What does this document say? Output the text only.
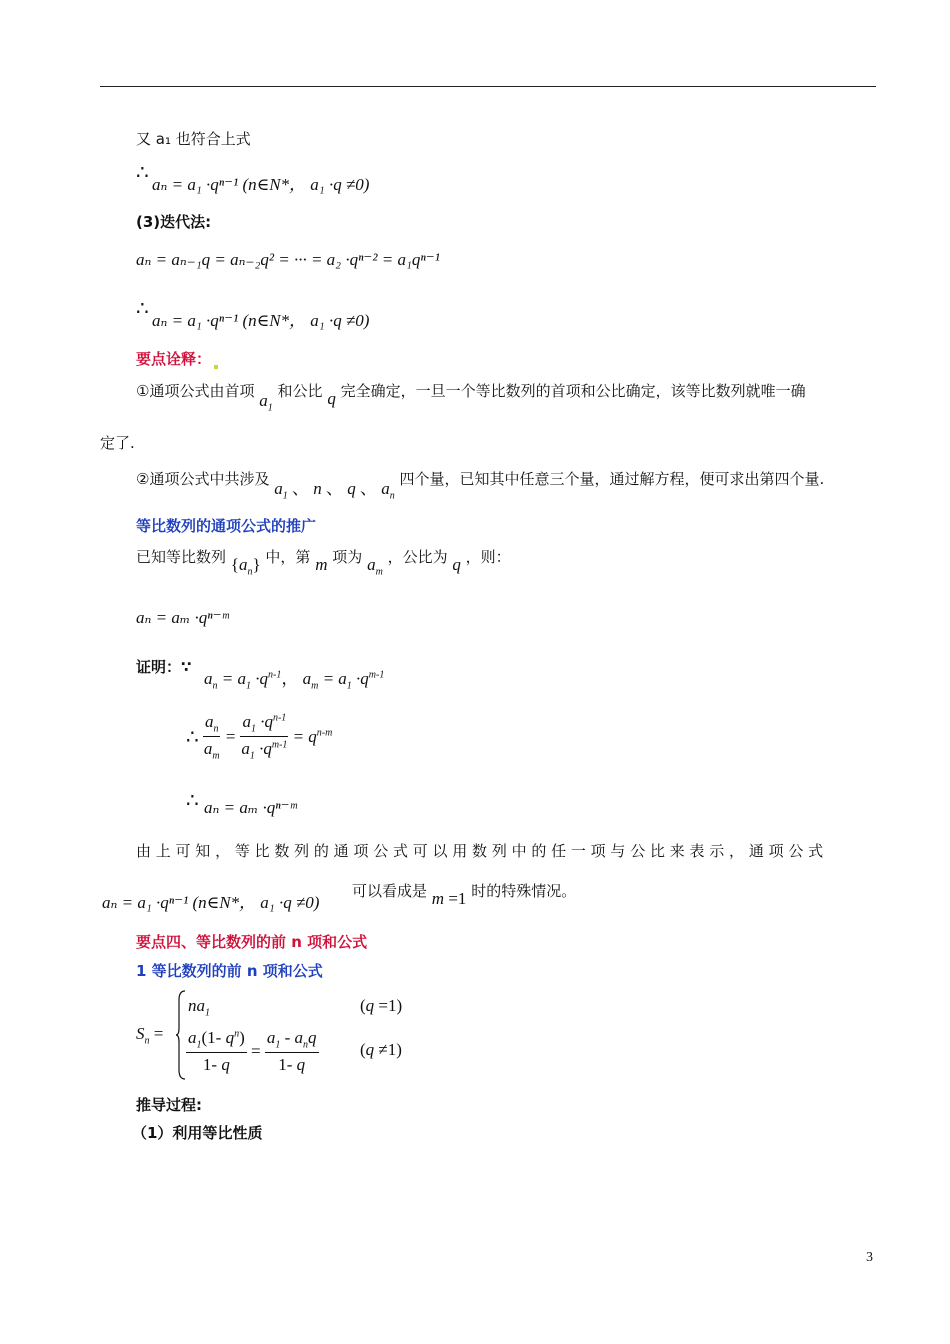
又 a₁ 也符合上式
∴
aₙ = a₁ ·qⁿ⁻¹ (n∈N*， a₁ ·q ≠0)
(3)迭代法:
aₙ = aₙ₋₁q = aₙ₋₂q² = ··· = a₂ ·qⁿ⁻² = a₁qⁿ⁻¹
∴
aₙ = a₁ ·qⁿ⁻¹ (n∈N*， a₁ ·q ≠0)
要点诠释：
①通项公式由首项 $a_1$ 和公比 q 完全确定，一旦一个等比数列的首项和公比确定，该等比数列就唯一确
定了.
②通项公式中共涉及 $a_1$ 、 n 、 q 、 $a_n$ 四个量，已知其中任意三个量，通过解方程，便可求出第四个量.
等比数列的通项公式的推广
已知等比数列 $\{a_n\}$ 中，第 m 项为 $a_m$ ，公比为 q ，则：
aₙ = aₘ ·qⁿ⁻ᵐ
证明：∵
$a_n = a_1 \cdot q^{n-1}$， $a_m = a_1 \cdot q^{m-1}$
∴ $\frac{a_n}{a_m} = \frac{a_1 \cdot q^{n-1}}{a_1 \cdot q^{m-1}} = q^{n-m}$
∴ aₙ = aₘ ·qⁿ⁻ᵐ
由 上 可 知 ， 等 比 数 列 的 通 项 公 式 可 以 用 数 列 中 的 任 一 项 与 公 比 来 表 示 ， 通 项 公 式
aₙ = a₁ ·qⁿ⁻¹ (n∈N*， a₁ ·q ≠0)
可以看成是 m =1 时的特殊情况。
要点四、等比数列的前 n 项和公式
1 等比数列的前 n 项和公式
$S_n$ =
$na_1$	(q =1)
$\frac{a_1(1- q^n)}{1- q} = \frac{a_1 - a_nq}{1- q} (q \ne 1)$
推导过程:
（1）利用等比性质
3
